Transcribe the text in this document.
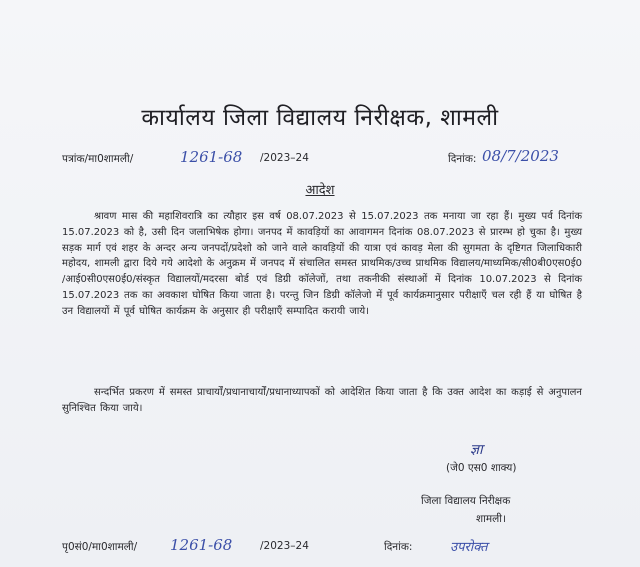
कार्यालय जिला विद्यालय निरीक्षक, शामली
पत्रांक/मा0शामली/	1261-68 /2023–24	दिनांक: 08/7/2023
आदेश
श्रावण मास की महाशिवरात्रि का त्यौहार इस वर्ष 08.07.2023 से 15.07.2023 तक मनाया जा रहा हैं। मुख्य पर्व दिनांक 15.07.2023 को है, उसी दिन जलाभिषेक होगा। जनपद में कावड़ियों का आवागमन दिनांक 08.07.2023 से प्रारम्भ हो चुका है। मुख्य सड़क मार्ग एवं शहर के अन्दर अन्य जनपदों/प्रदेशो को जाने वाले कावड़ियों की यात्रा एवं कावड़ मेला की सुगमता के दृष्टिगत जिलाधिकारी महोदय, शामली द्वारा दिये गये आदेशो के अनुक्रम में जनपद में संचालित समस्त प्राथमिक/उच्च प्राथमिक विद्यालय/माध्यमिक/सी0बी0एस0ई0 /आई0सी0एस0ई0/संस्कृत विद्यालयों/मदरसा बोर्ड एवं डिग्री कॉलेजों, तथा तकनीकी संस्थाओं में दिनांक 10.07.2023 से दिनांक 15.07.2023 तक का अवकाश घोषित किया जाता है। परन्तु जिन डिग्री कॉलेजो में पूर्व कार्यक्रमानुसार परीक्षाएँ चल रही हैं या घोषित है उन विद्यालयों में पूर्व घोषित कार्यक्रम के अनुसार ही परीक्षाएँ सम्पादित करायी जाये।
सन्दर्भित प्रकरण में समस्त प्राचार्यों/प्रधानाचार्यों/प्रधानाध्यापकों को आदेशित किया जाता है कि उक्त आदेश का कड़ाई से अनुपालन सुनिश्चित किया जाये।
ज्ञा
(जे0 एस0 शाक्य)
जिला विद्यालय निरीक्षक
शामली।
पृ0सं0/मा0शामली/ 1261-68	/2023–24	दिनांक:	उपरोक्त
